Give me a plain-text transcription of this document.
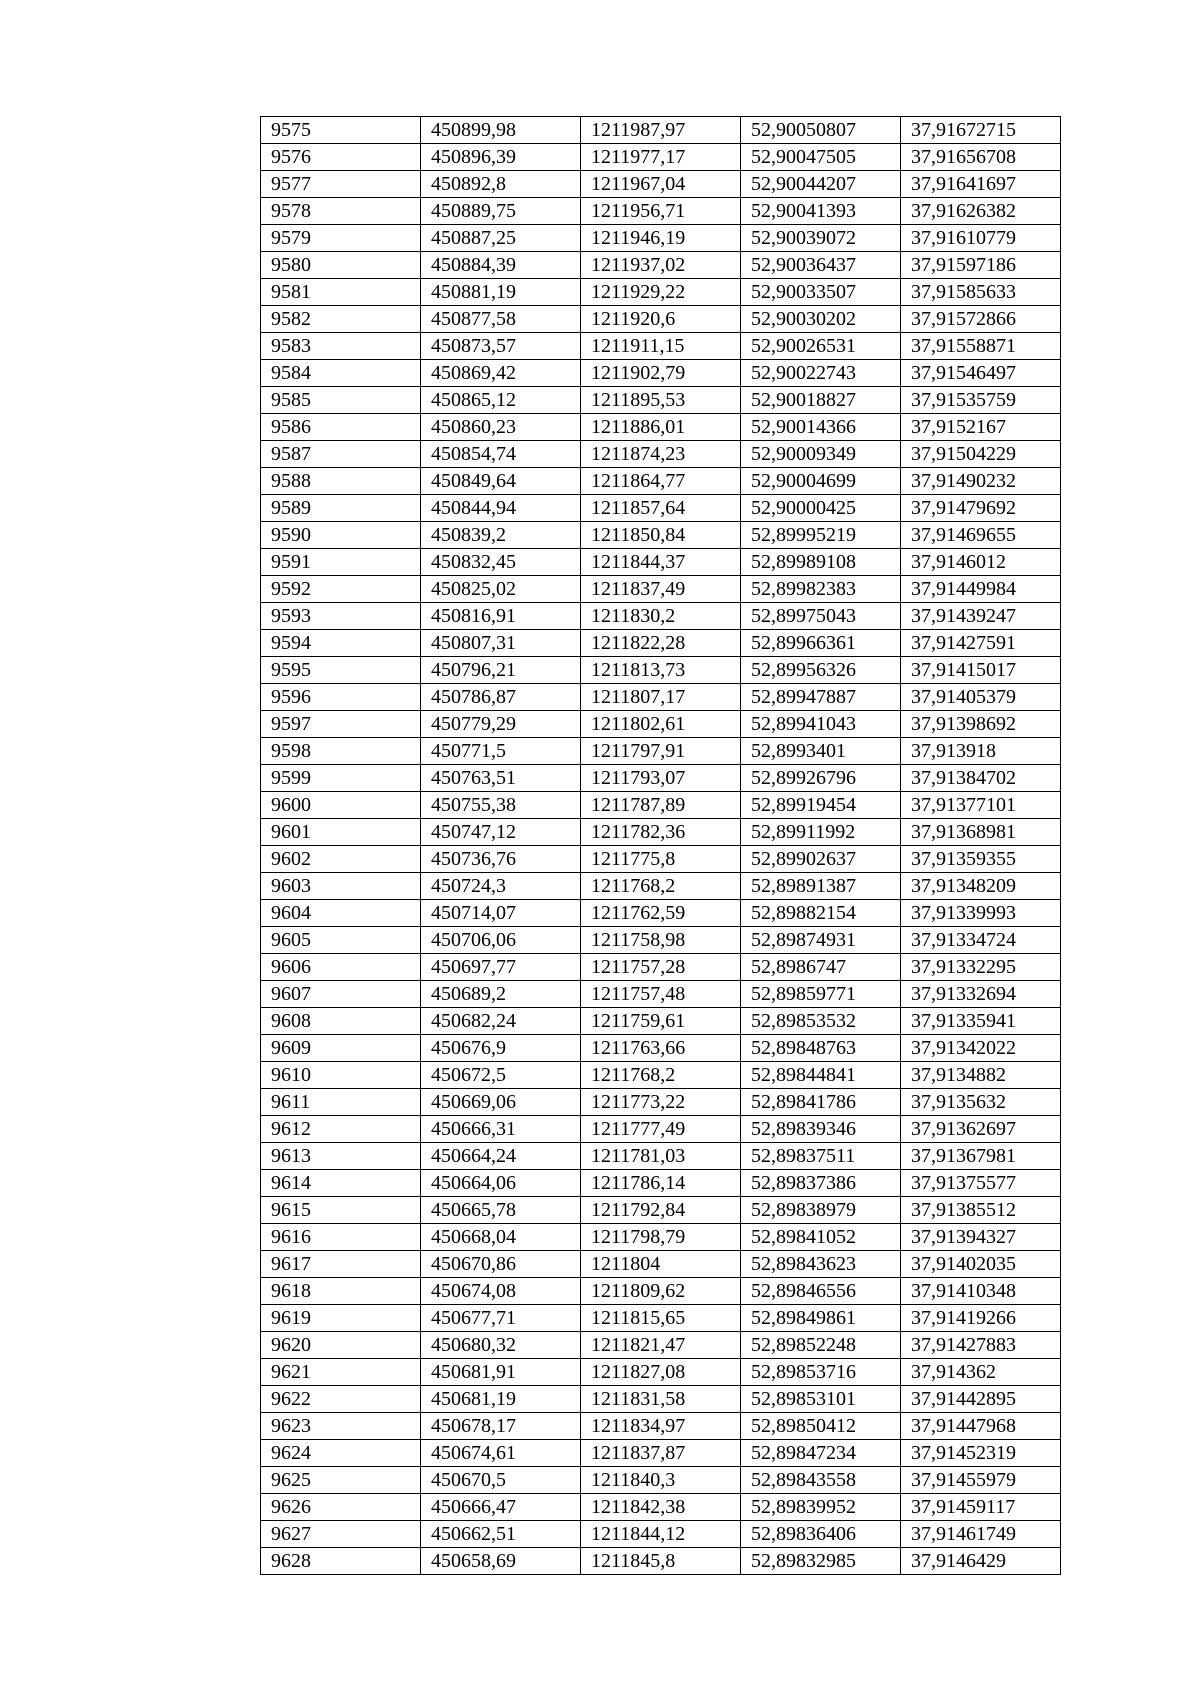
9575	450899,98	1211987,97	52,90050807	37,91672715
9576	450896,39	1211977,17	52,90047505	37,91656708
9577	450892,8	1211967,04	52,90044207	37,91641697
9578	450889,75	1211956,71	52,90041393	37,91626382
9579	450887,25	1211946,19	52,90039072	37,91610779
9580	450884,39	1211937,02	52,90036437	37,91597186
9581	450881,19	1211929,22	52,90033507	37,91585633
9582	450877,58	1211920,6	52,90030202	37,91572866
9583	450873,57	1211911,15	52,90026531	37,91558871
9584	450869,42	1211902,79	52,90022743	37,91546497
9585	450865,12	1211895,53	52,90018827	37,91535759
9586	450860,23	1211886,01	52,90014366	37,9152167
9587	450854,74	1211874,23	52,90009349	37,91504229
9588	450849,64	1211864,77	52,90004699	37,91490232
9589	450844,94	1211857,64	52,90000425	37,91479692
9590	450839,2	1211850,84	52,89995219	37,91469655
9591	450832,45	1211844,37	52,89989108	37,9146012
9592	450825,02	1211837,49	52,89982383	37,91449984
9593	450816,91	1211830,2	52,89975043	37,91439247
9594	450807,31	1211822,28	52,89966361	37,91427591
9595	450796,21	1211813,73	52,89956326	37,91415017
9596	450786,87	1211807,17	52,89947887	37,91405379
9597	450779,29	1211802,61	52,89941043	37,91398692
9598	450771,5	1211797,91	52,8993401	37,913918
9599	450763,51	1211793,07	52,89926796	37,91384702
9600	450755,38	1211787,89	52,89919454	37,91377101
9601	450747,12	1211782,36	52,89911992	37,91368981
9602	450736,76	1211775,8	52,89902637	37,91359355
9603	450724,3	1211768,2	52,89891387	37,91348209
9604	450714,07	1211762,59	52,89882154	37,91339993
9605	450706,06	1211758,98	52,89874931	37,91334724
9606	450697,77	1211757,28	52,8986747	37,91332295
9607	450689,2	1211757,48	52,89859771	37,91332694
9608	450682,24	1211759,61	52,89853532	37,91335941
9609	450676,9	1211763,66	52,89848763	37,91342022
9610	450672,5	1211768,2	52,89844841	37,9134882
9611	450669,06	1211773,22	52,89841786	37,9135632
9612	450666,31	1211777,49	52,89839346	37,91362697
9613	450664,24	1211781,03	52,89837511	37,91367981
9614	450664,06	1211786,14	52,89837386	37,91375577
9615	450665,78	1211792,84	52,89838979	37,91385512
9616	450668,04	1211798,79	52,89841052	37,91394327
9617	450670,86	1211804	52,89843623	37,91402035
9618	450674,08	1211809,62	52,89846556	37,91410348
9619	450677,71	1211815,65	52,89849861	37,91419266
9620	450680,32	1211821,47	52,89852248	37,91427883
9621	450681,91	1211827,08	52,89853716	37,914362
9622	450681,19	1211831,58	52,89853101	37,91442895
9623	450678,17	1211834,97	52,89850412	37,91447968
9624	450674,61	1211837,87	52,89847234	37,91452319
9625	450670,5	1211840,3	52,89843558	37,91455979
9626	450666,47	1211842,38	52,89839952	37,91459117
9627	450662,51	1211844,12	52,89836406	37,91461749
9628	450658,69	1211845,8	52,89832985	37,9146429
